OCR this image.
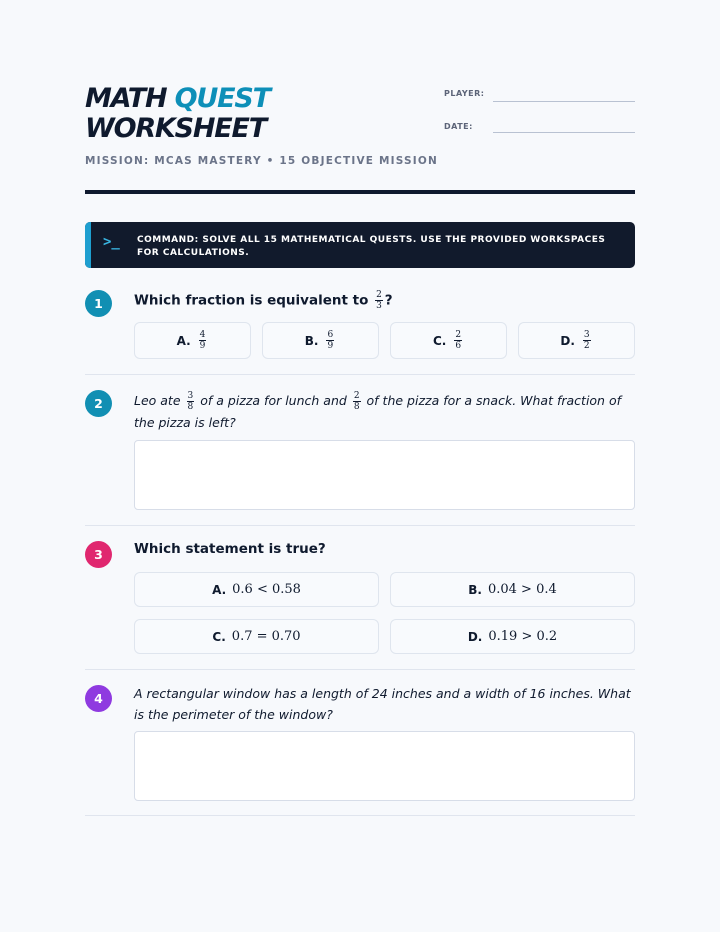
MATH QUEST
WORKSHEET
MISSION: MCAS MASTERY • 15 OBJECTIVE MISSION
PLAYER:
DATE:
>_ COMMAND: SOLVE ALL 15 MATHEMATICAL QUESTS. USE THE PROVIDED WORKSPACES FOR CALCULATIONS.
1	Which fraction is equivalent to $\frac{2}{3}$ ?
A. $\frac{4}{9}$	B. $\frac{6}{9}$	C. $\frac{2}{6}$	D. $\frac{3}{2}$
2	Leo ate $\frac{3}{8}$ of a pizza for lunch and $\frac{2}{8}$ of the pizza for a snack. What fraction of
the pizza is left?
3	Which statement is true?
A. 0.6 < 0.58	B. 0.04 > 0.4
C. 0.7 = 0.70	D. 0.19 > 0.2
4	A rectangular window has a length of 24 inches and a width of 16 inches. What
is the perimeter of the window?
